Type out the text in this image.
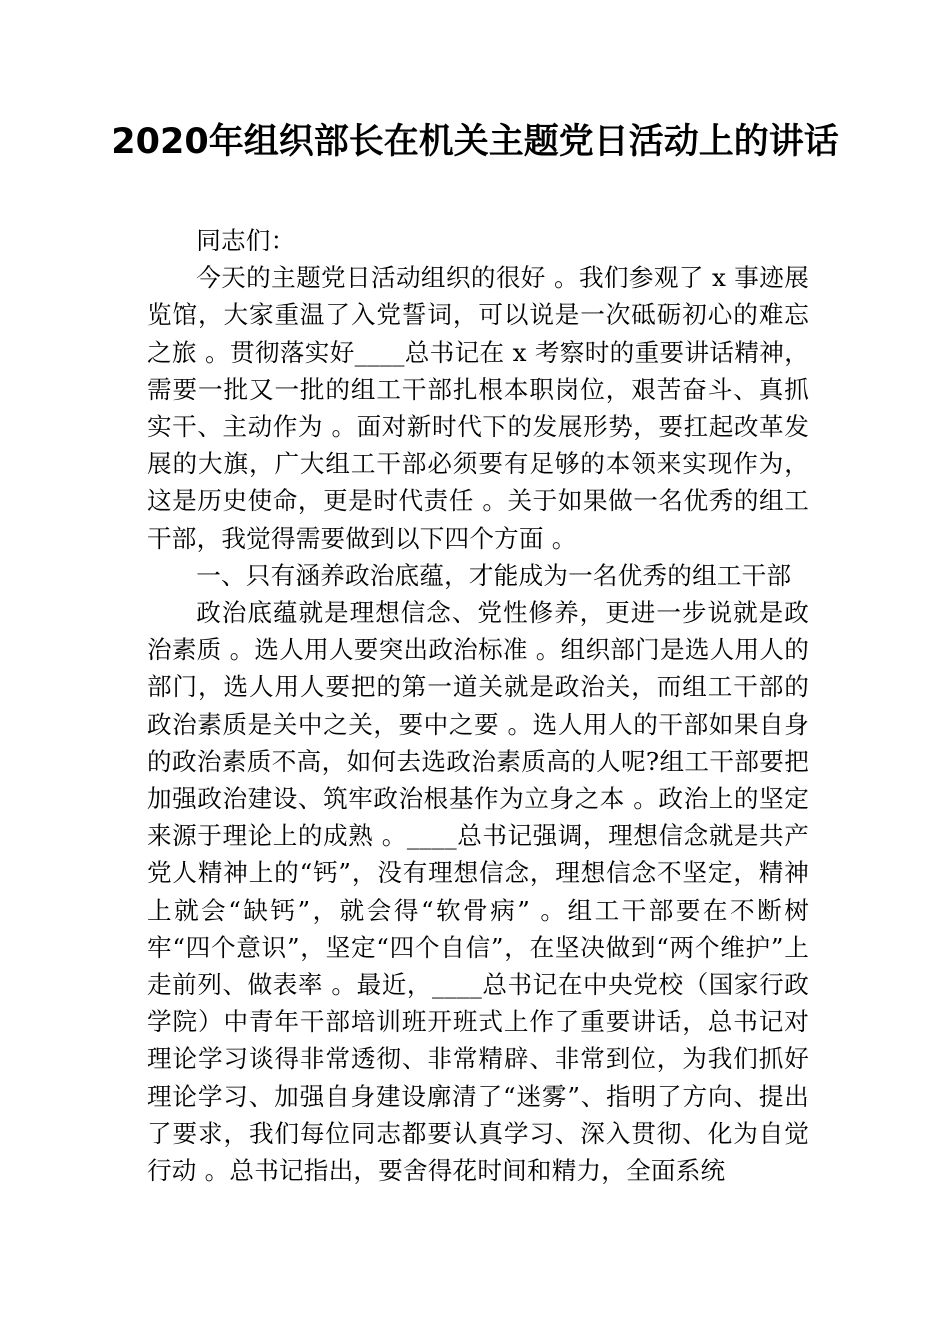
2020年组织部长在机关主题党日活动上的讲话

同志们：

今天的主题党日活动组织的很好 。我们参观了 x 事迹展览馆，大家重温了入党誓词，可以说是一次砥砺初心的难忘之旅 。贯彻落实好____总书记在 x 考察时的重要讲话精神，需要一批又一批的组工干部扎根本职岗位，艰苦奋斗、真抓实干、主动作为 。面对新时代下的发展形势，要扛起改革发展的大旗，广大组工干部必须要有足够的本领来实现作为，这是历史使命，更是时代责任 。关于如果做一名优秀的组工干部，我觉得需要做到以下四个方面 。

一、只有涵养政治底蕴，才能成为一名优秀的组工干部

政治底蕴就是理想信念、党性修养，更进一步说就是政治素质 。选人用人要突出政治标准 。组织部门是选人用人的部门，选人用人要把的第一道关就是政治关，而组工干部的政治素质是关中之关，要中之要 。选人用人的干部如果自身的政治素质不高，如何去选政治素质高的人呢?组工干部要把加强政治建设、筑牢政治根基作为立身之本 。政治上的坚定来源于理论上的成熟 。____总书记强调，理想信念就是共产党人精神上的“钙”，没有理想信念，理想信念不坚定，精神上就会“缺钙”，就会得“软骨病” 。组工干部要在不断树牢“四个意识”，坚定“四个自信”，在坚决做到“两个维护”上走前列、做表率 。最近，____总书记在中央党校（国家行政学院）中青年干部培训班开班式上作了重要讲话，总书记对理论学习谈得非常透彻、非常精辟、非常到位，为我们抓好理论学习、加强自身建设廓清了“迷雾”、指明了方向、提出了要求，我们每位同志都要认真学习、深入贯彻、化为自觉行动 。总书记指出，要舍得花时间和精力，全面系统
